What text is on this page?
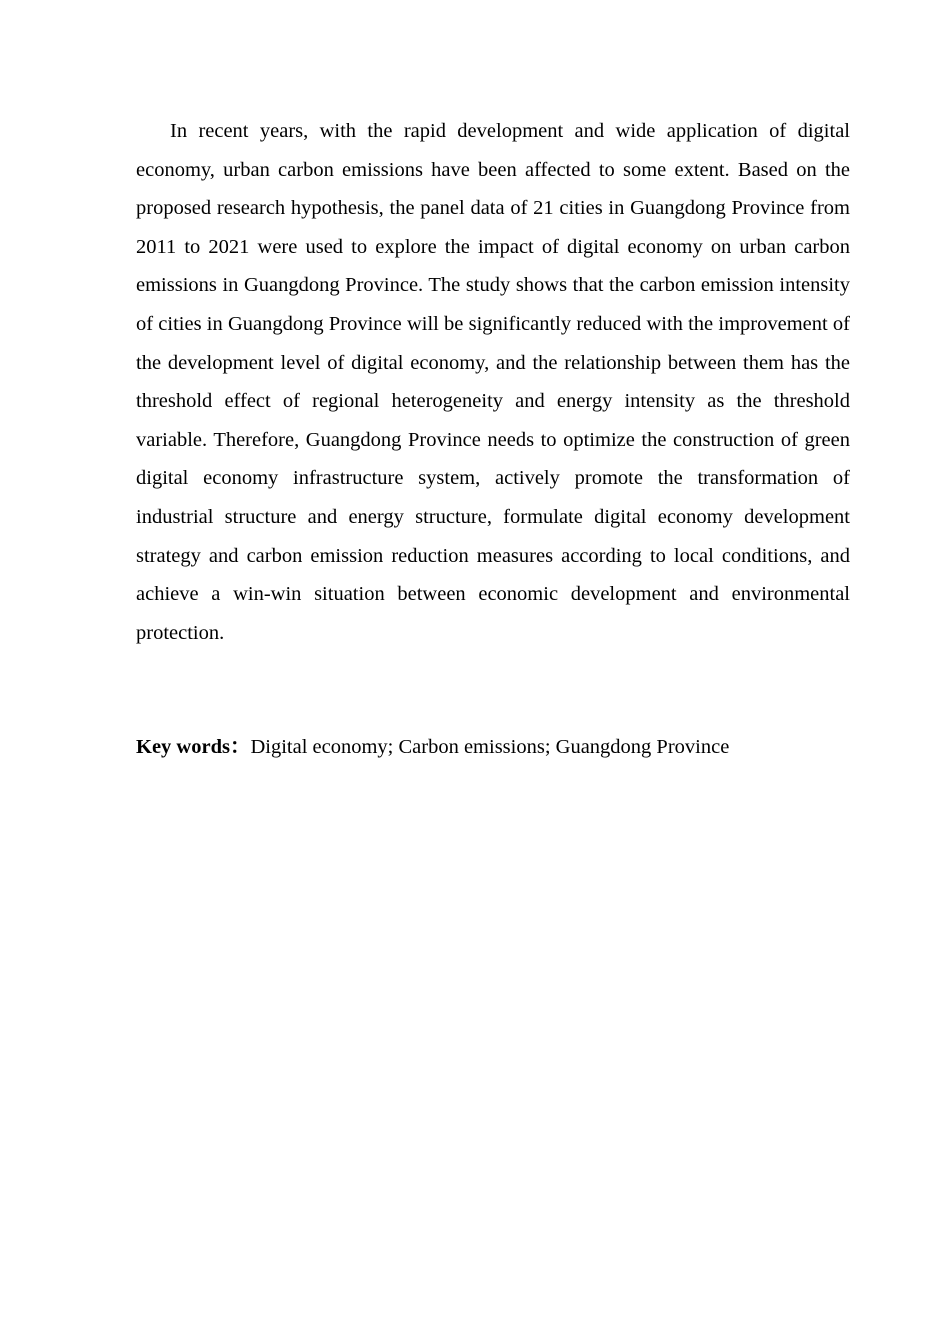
In recent years, with the rapid development and wide application of digital economy, urban carbon emissions have been affected to some extent. Based on the proposed research hypothesis, the panel data of 21 cities in Guangdong Province from 2011 to 2021 were used to explore the impact of digital economy on urban carbon emissions in Guangdong Province. The study shows that the carbon emission intensity of cities in Guangdong Province will be significantly reduced with the improvement of the development level of digital economy, and the relationship between them has the threshold effect of regional heterogeneity and energy intensity as the threshold variable. Therefore, Guangdong Province needs to optimize the construction of green digital economy infrastructure system, actively promote the transformation of industrial structure and energy structure, formulate digital economy development strategy and carbon emission reduction measures according to local conditions, and achieve a win-win situation between economic development and environmental protection.

Key words：Digital economy; Carbon emissions; Guangdong Province
